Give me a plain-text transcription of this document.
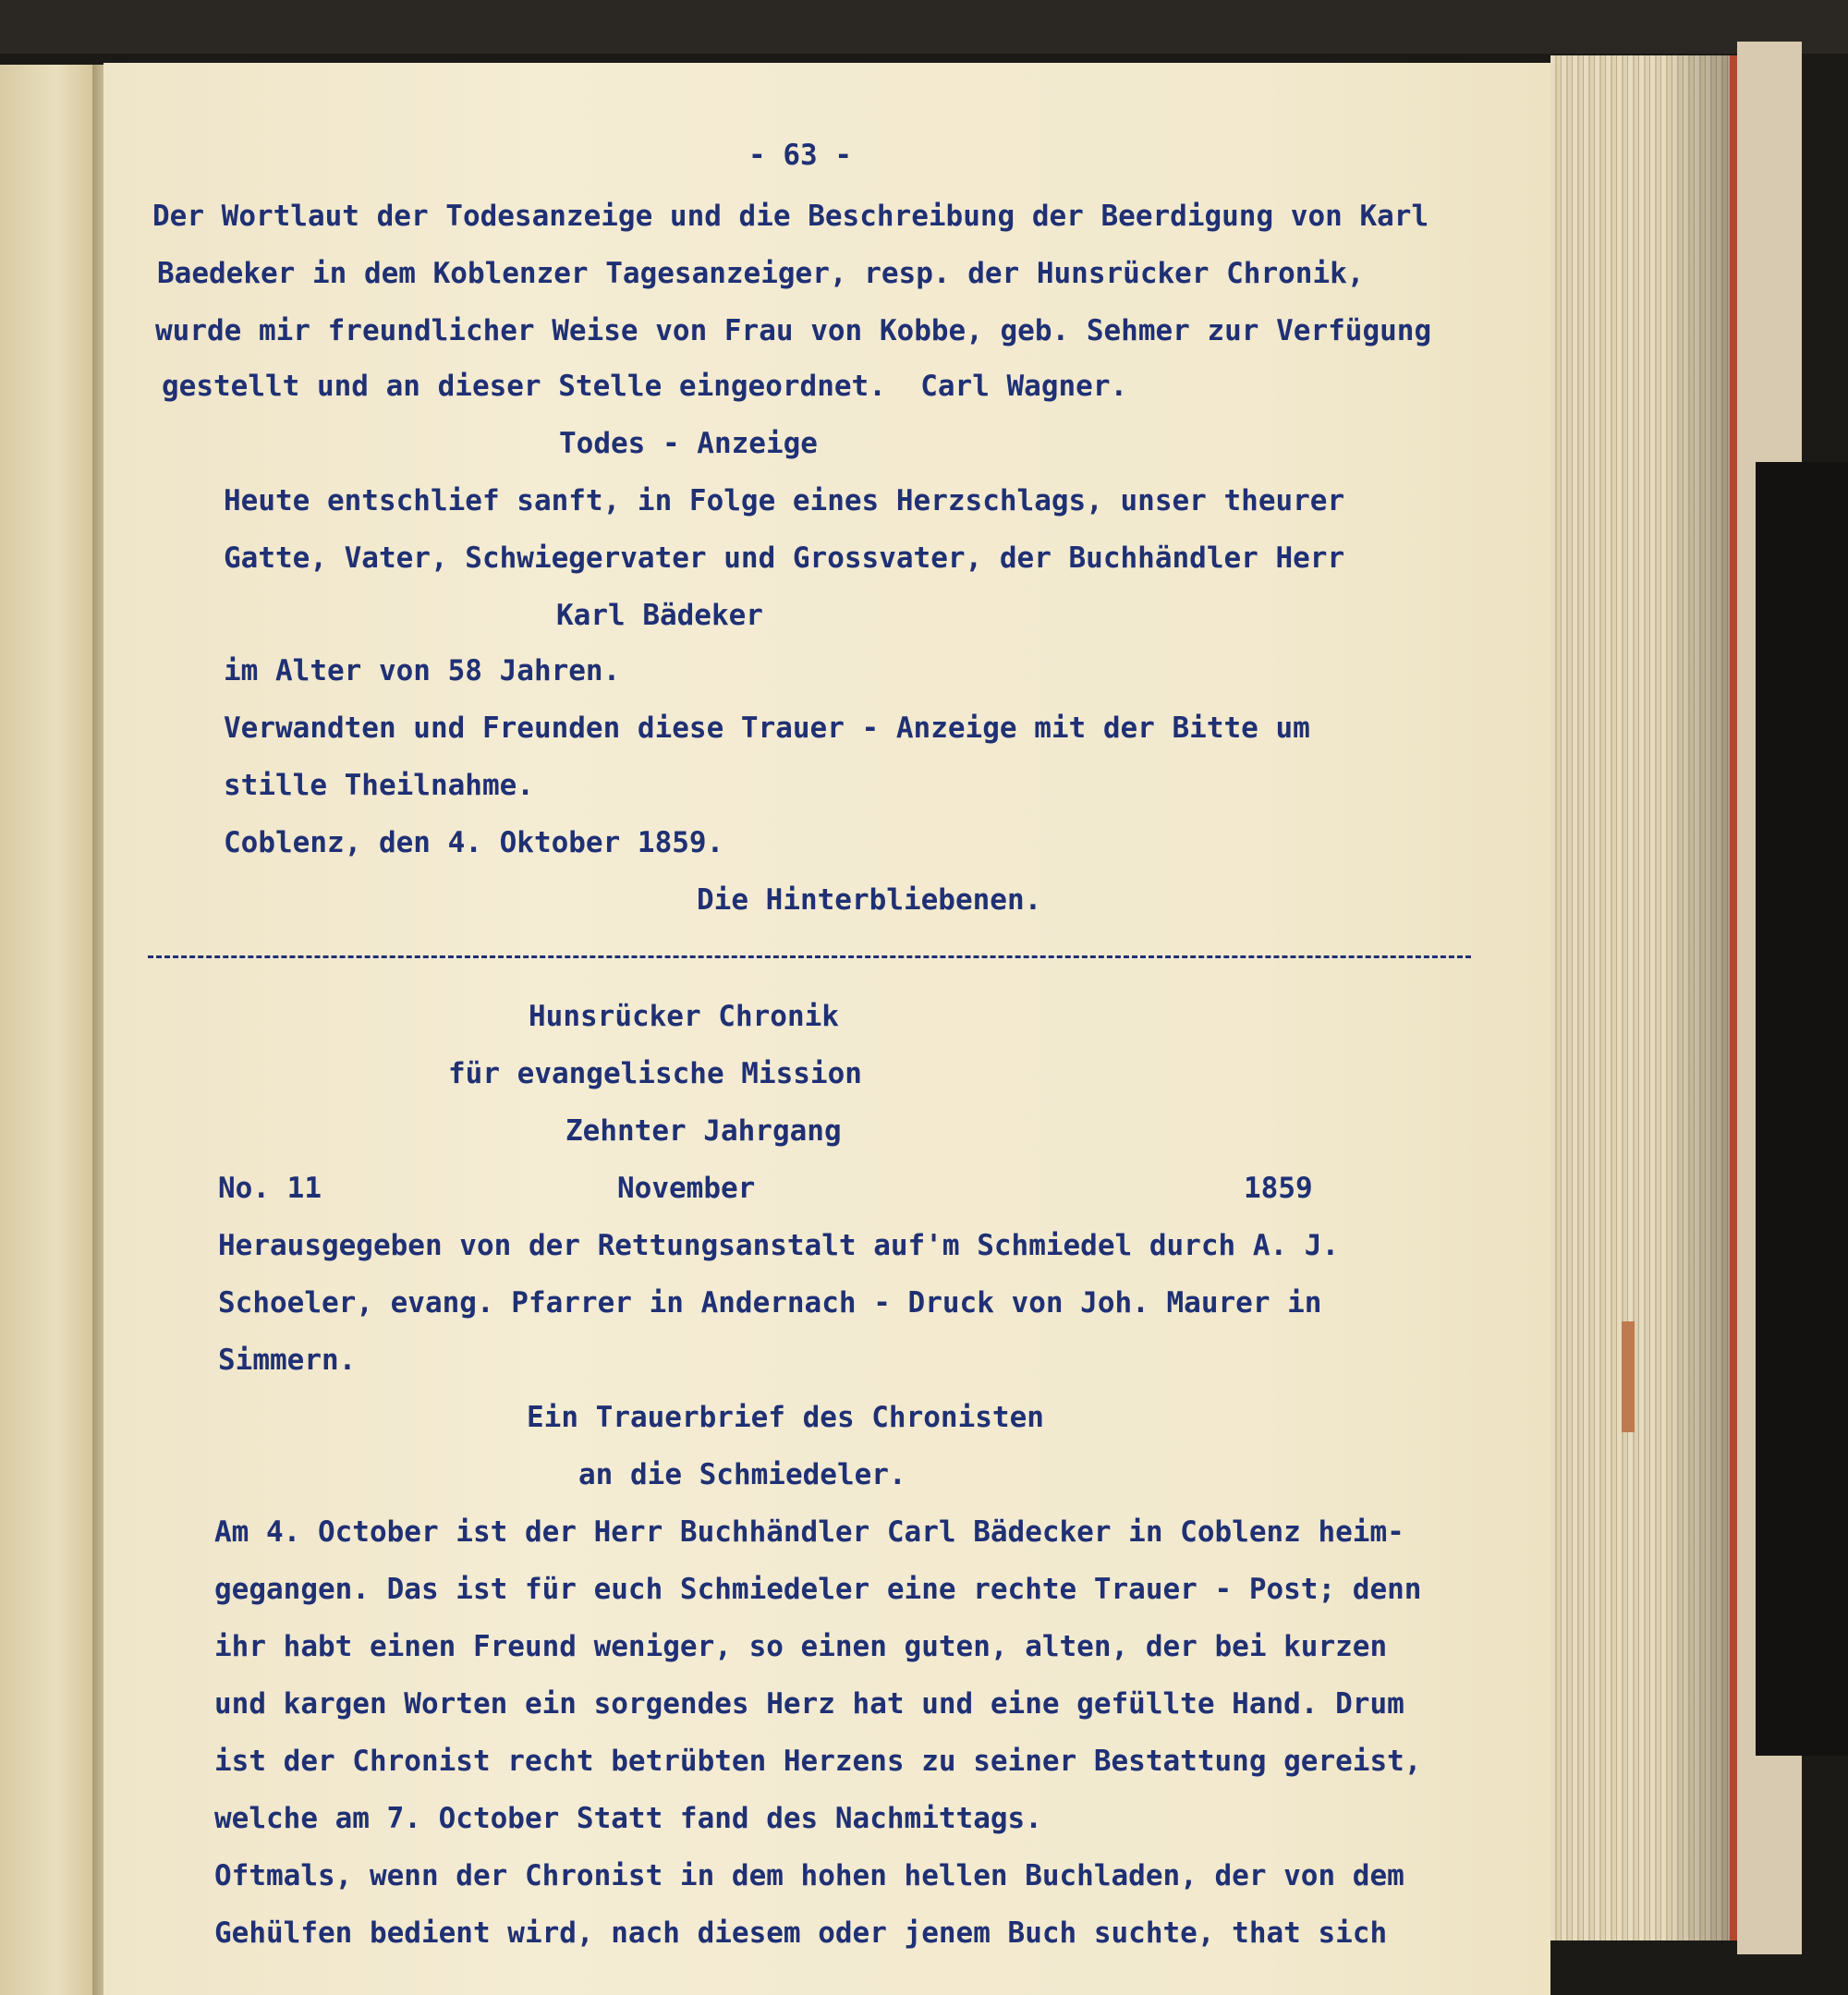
- 63 -

Der Wortlaut der Todesanzeige und die Beschreibung der Beerdigung von Karl

Baedeker in dem Koblenzer Tagesanzeiger, resp. der Hunsrücker Chronik,

wurde mir freundlicher Weise von Frau von Kobbe, geb. Sehmer zur Verfügung

gestellt und an dieser Stelle eingeordnet.  Carl Wagner.

Todes - Anzeige

Heute entschlief sanft, in Folge eines Herzschlags, unser theurer

Gatte, Vater, Schwiegervater und Grossvater, der Buchhändler Herr

Karl Bädeker

im Alter von 58 Jahren.

Verwandten und Freunden diese Trauer - Anzeige mit der Bitte um

stille Theilnahme.

Coblenz, den 4. Oktober 1859.

Die Hinterbliebenen.

Hunsrücker Chronik

für evangelische Mission

Zehnter Jahrgang

No. 11	November	1859

Herausgegeben von der Rettungsanstalt auf'm Schmiedel durch A. J.

Schoeler, evang. Pfarrer in Andernach - Druck von Joh. Maurer in

Simmern.

Ein Trauerbrief des Chronisten

an die Schmiedeler.

Am 4. October ist der Herr Buchhändler Carl Bädecker in Coblenz heim-

gegangen. Das ist für euch Schmiedeler eine rechte Trauer - Post; denn

ihr habt einen Freund weniger, so einen guten, alten, der bei kurzen

und kargen Worten ein sorgendes Herz hat und eine gefüllte Hand. Drum

ist der Chronist recht betrübten Herzens zu seiner Bestattung gereist,

welche am 7. October Statt fand des Nachmittags.

Oftmals, wenn der Chronist in dem hohen hellen Buchladen, der von dem

Gehülfen bedient wird, nach diesem oder jenem Buch suchte, that sich
